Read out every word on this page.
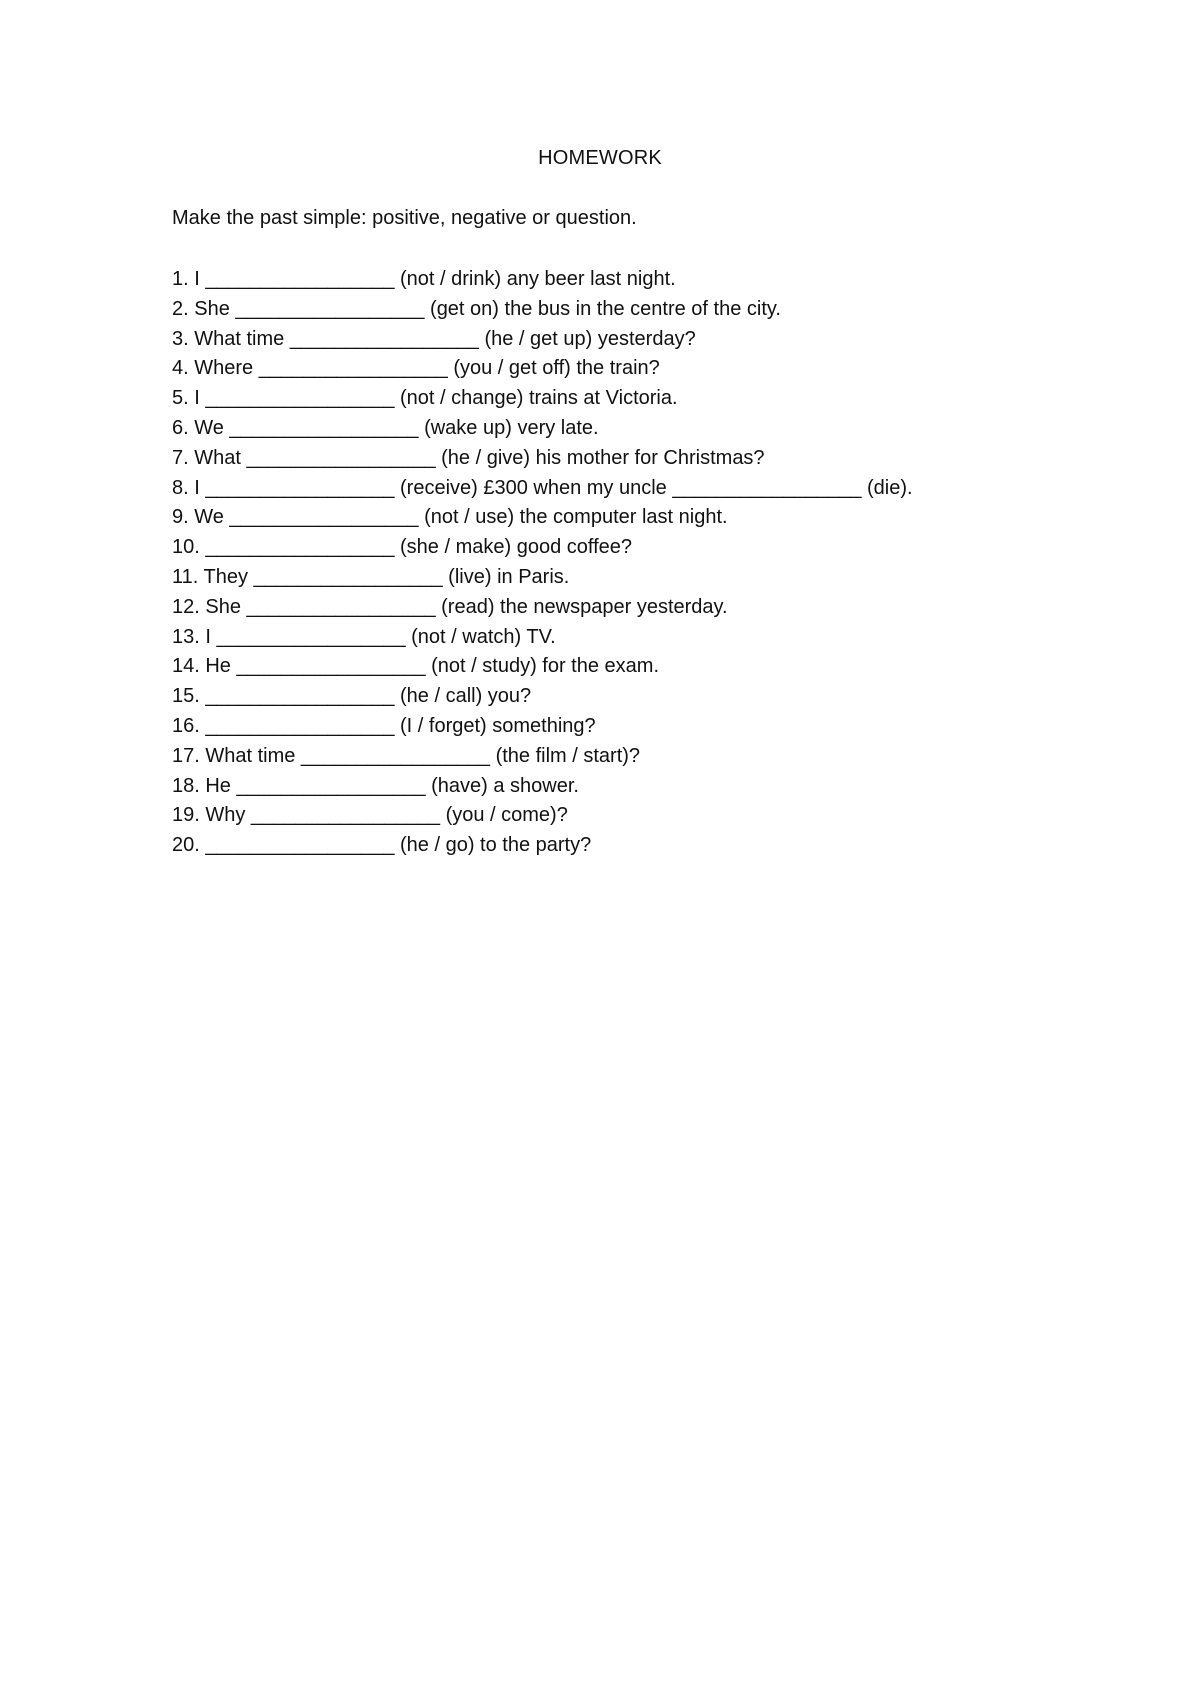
HOMEWORK
Make the past simple: positive, negative or question.
1. I _________________ (not / drink) any beer last night.
2. She _________________ (get on) the bus in the centre of the city.
3. What time _________________ (he / get up) yesterday?
4. Where _________________ (you / get off) the train?
5. I _________________ (not / change) trains at Victoria.
6. We _________________ (wake up) very late.
7. What _________________ (he / give) his mother for Christmas?
8. I _________________ (receive) £300 when my uncle _________________ (die).
9. We _________________ (not / use) the computer last night.
10. _________________ (she / make) good coffee?
11. They _________________ (live) in Paris.
12. She _________________ (read) the newspaper yesterday.
13. I _________________ (not / watch) TV.
14. He _________________ (not / study) for the exam.
15. _________________ (he / call) you?
16. _________________ (I / forget) something?
17. What time _________________ (the film / start)?
18. He _________________ (have) a shower.
19. Why _________________ (you / come)?
20. _________________ (he / go) to the party?
